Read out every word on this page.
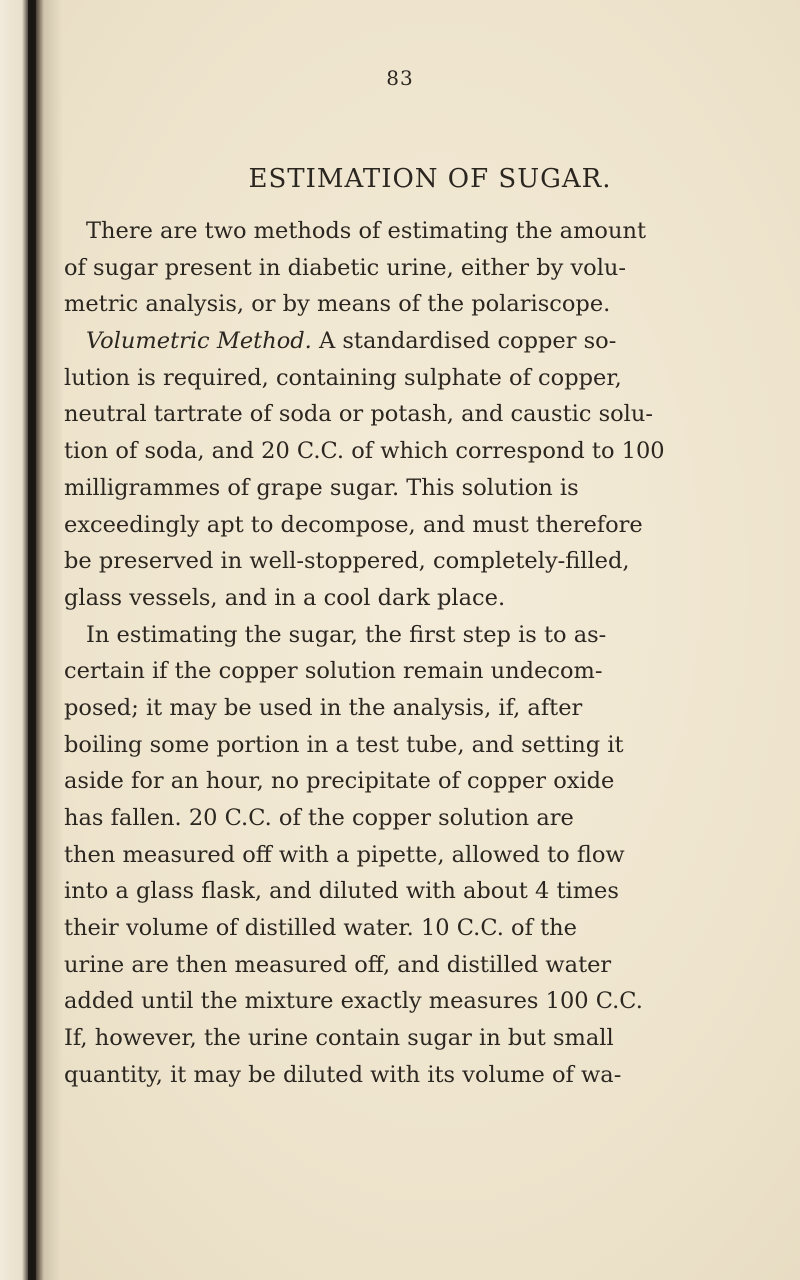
83
ESTIMATION OF SUGAR.
There are two methods of estimating the amount
of sugar present in diabetic urine, either by volu-
metric analysis, or by means of the polariscope.
Volumetric Method. A standardised copper so-
lution is required, containing sulphate of copper,
neutral tartrate of soda or potash, and caustic solu-
tion of soda, and 20 C.C. of which correspond to 100
milligrammes of grape sugar. This solution is
exceedingly apt to decompose, and must therefore
be preserved in well-stoppered, completely-filled,
glass vessels, and in a cool dark place.
In estimating the sugar, the first step is to as-
certain if the copper solution remain undecom-
posed; it may be used in the analysis, if, after
boiling some portion in a test tube, and setting it
aside for an hour, no precipitate of copper oxide
has fallen. 20 C.C. of the copper solution are
then measured off with a pipette, allowed to flow
into a glass flask, and diluted with about 4 times
their volume of distilled water. 10 C.C. of the
urine are then measured off, and distilled water
added until the mixture exactly measures 100 C.C.
If, however, the urine contain sugar in but small
quantity, it may be diluted with its volume of wa-
